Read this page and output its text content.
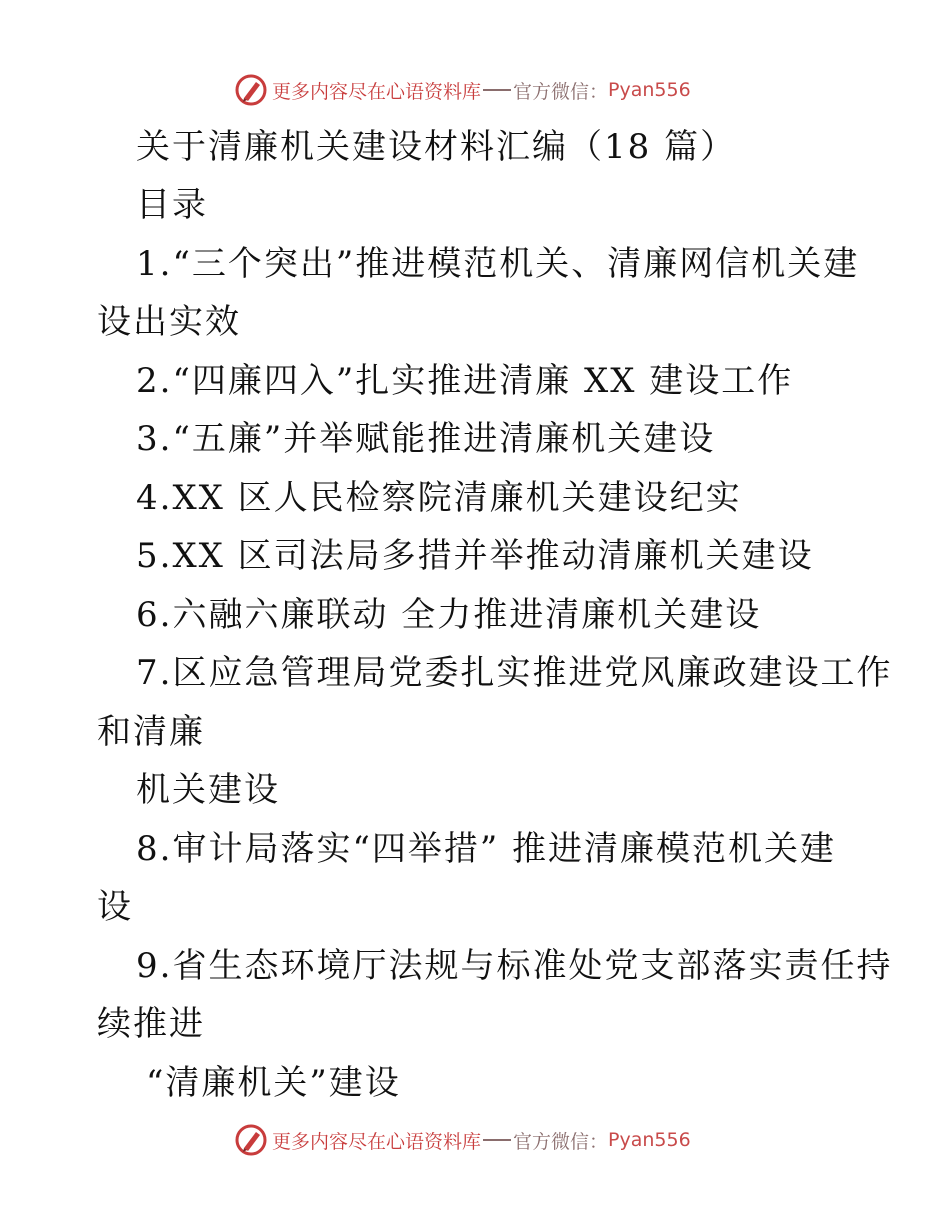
更多内容尽在心语资料库 官方微信： Pyan556
关于清廉机关建设材料汇编（18 篇）
目录
1.“三个突出”推进模范机关、清廉网信机关建
设出实效
2.“四廉四入”扎实推进清廉 XX 建设工作
3.“五廉”并举赋能推进清廉机关建设
4.XX 区人民检察院清廉机关建设纪实
5.XX 区司法局多措并举推动清廉机关建设
6.六融六廉联动 全力推进清廉机关建设
7.区应急管理局党委扎实推进党风廉政建设工作
和清廉
机关建设
8.审计局落实“四举措” 推进清廉模范机关建
设
9.省生态环境厅法规与标准处党支部落实责任持
续推进
“清廉机关”建设
更多内容尽在心语资料库 官方微信： Pyan556
